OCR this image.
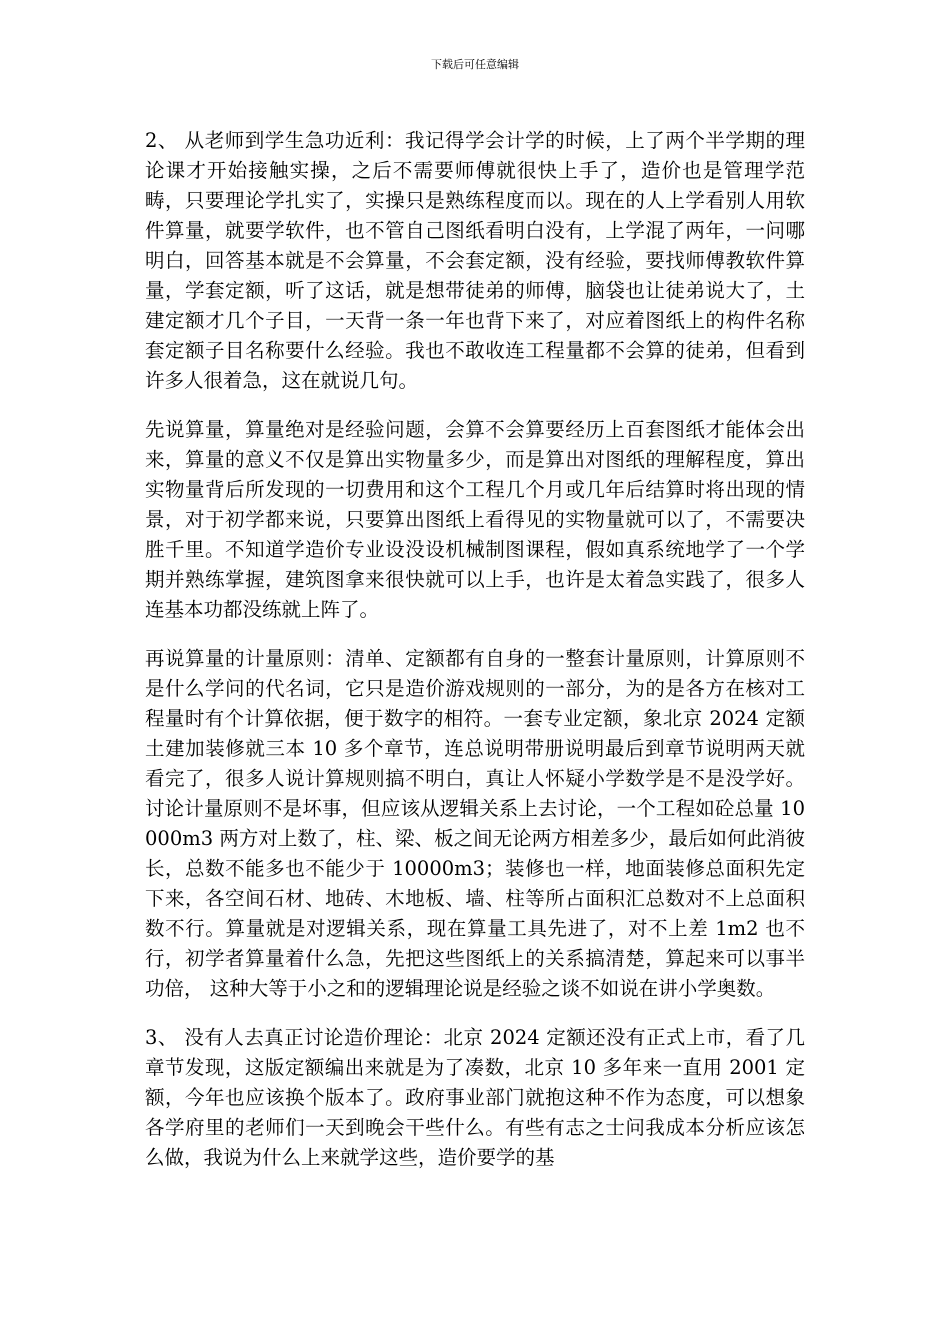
下载后可任意编辑

2、 从老师到学生急功近利：我记得学会计学的时候，上了两个半学期的理论课才开始接触实操，之后不需要师傅就很快上手了，造价也是管理学范畴，只要理论学扎实了，实操只是熟练程度而以。现在的人上学看别人用软件算量，就要学软件，也不管自己图纸看明白没有，上学混了两年，一问哪明白，回答基本就是不会算量，不会套定额，没有经验，要找师傅教软件算量，学套定额，听了这话，就是想带徒弟的师傅，脑袋也让徒弟说大了，土建定额才几个子目，一天背一条一年也背下来了，对应着图纸上的构件名称套定额子目名称要什么经验。我也不敢收连工程量都不会算的徒弟，但看到许多人很着急，这在就说几句。

先说算量，算量绝对是经验问题，会算不会算要经历上百套图纸才能体会出来，算量的意义不仅是算出实物量多少，而是算出对图纸的理解程度，算出实物量背后所发现的一切费用和这个工程几个月或几年后结算时将出现的情景，对于初学都来说，只要算出图纸上看得见的实物量就可以了，不需要决胜千里。不知道学造价专业设没设机械制图课程，假如真系统地学了一个学期并熟练掌握，建筑图拿来很快就可以上手，也许是太着急实践了，很多人连基本功都没练就上阵了。

再说算量的计量原则：清单、定额都有自身的一整套计量原则，计算原则不是什么学问的代名词，它只是造价游戏规则的一部分，为的是各方在核对工程量时有个计算依据，便于数字的相符。一套专业定额，象北京 2024 定额土建加装修就三本 10 多个章节，连总说明带册说明最后到章节说明两天就看完了，很多人说计算规则搞不明白，真让人怀疑小学数学是不是没学好。讨论计量原则不是坏事，但应该从逻辑关系上去讨论，一个工程如砼总量 10000m3 两方对上数了，柱、梁、板之间无论两方相差多少，最后如何此消彼长，总数不能多也不能少于 10000m3；装修也一样，地面装修总面积先定下来，各空间石材、地砖、木地板、墙、柱等所占面积汇总数对不上总面积数不行。算量就是对逻辑关系，现在算量工具先进了，对不上差 1m2 也不行，初学者算量着什么急，先把这些图纸上的关系搞清楚，算起来可以事半功倍， 这种大等于小之和的逻辑理论说是经验之谈不如说在讲小学奥数。

3、 没有人去真正讨论造价理论：北京 2024 定额还没有正式上市，看了几章节发现，这版定额编出来就是为了凑数，北京 10 多年来一直用 2001 定额，今年也应该换个版本了。政府事业部门就抱这种不作为态度，可以想象各学府里的老师们一天到晚会干些什么。有些有志之士问我成本分析应该怎么做，我说为什么上来就学这些，造价要学的基
